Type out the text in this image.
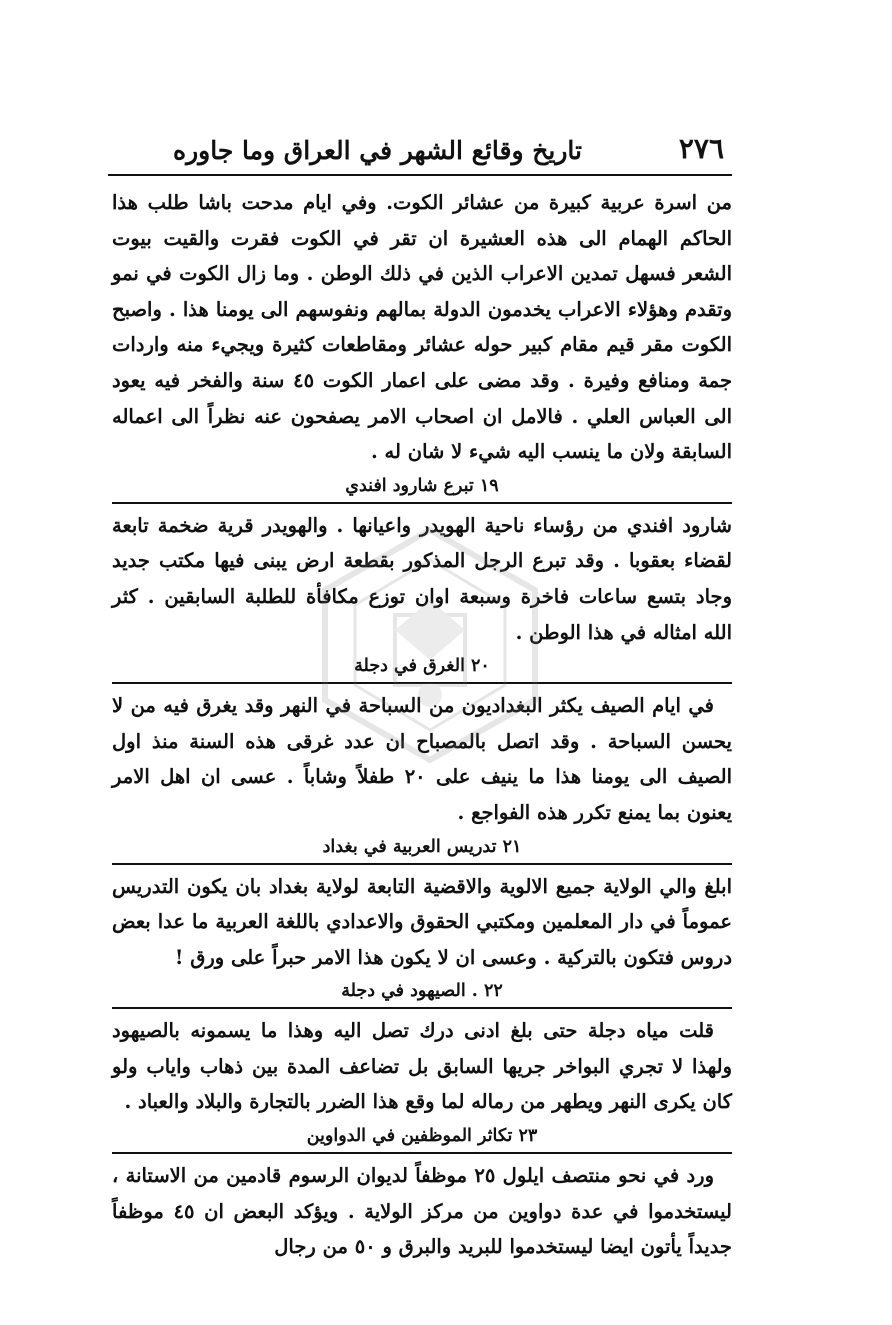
٢٧٦
تاريخ وقائع الشهر في العراق وما جاوره

من اسرة عربية كبيرة من عشائر الكوت. وفي ايام مدحت باشا طلب هذا الحاكم الهمام الى هذه العشيرة ان تقر في الكوت فقرت والقيت بيوت الشعر فسهل تمدين الاعراب الذين في ذلك الوطن . وما زال الكوت في نمو وتقدم وهؤلاء الاعراب يخدمون الدولة بمالهم ونفوسهم الى يومنا هذا . واصبح الكوت مقر قيم مقام كبير حوله عشائر ومقاطعات كثيرة ويجيء منه واردات جمة ومنافع وفيرة . وقد مضى على اعمار الكوت ٤٥ سنة والفخر فيه يعود الى العباس العلي . فالامل ان اصحاب الامر يصفحون عنه نظراً الى اعماله السابقة ولان ما ينسب اليه شيء لا شان له .

١٩ تبرع شارود افندي

شارود افندي من رؤساء ناحية الهويدر واعيانها . والهويدر قرية ضخمة تابعة لقضاء بعقوبا . وقد تبرع الرجل المذكور بقطعة ارض يبنى فيها مكتب جديد وجاد بتسع ساعات فاخرة وسبعة اوان توزع مكافأة للطلبة السابقين . كثر الله امثاله في هذا الوطن .

٢٠ الغرق في دجلة

في ايام الصيف يكثر البغداديون من السباحة في النهر وقد يغرق فيه من لا يحسن السباحة . وقد اتصل بالمصباح ان عدد غرقى هذه السنة منذ اول الصيف الى يومنا هذا ما ينيف على ٢٠ طفلاً وشاباً . عسى ان اهل الامر يعنون بما يمنع تكرر هذه الفواجع .

٢١ تدريس العربية في بغداد

ابلغ والي الولاية جميع الالوية والاقضية التابعة لولاية بغداد بان يكون التدريس عموماً في دار المعلمين ومكتبي الحقوق والاعدادي باللغة العربية ما عدا بعض دروس فتكون بالتركية . وعسى ان لا يكون هذا الامر حبراً على ورق !

٢٢ . الصيهود في دجلة

قلت مياه دجلة حتى بلغ ادنى درك تصل اليه وهذا ما يسمونه بالصيهود ولهذا لا تجري البواخر جريها السابق بل تضاعف المدة بين ذهاب واياب ولو كان يكرى النهر ويطهر من رماله لما وقع هذا الضرر بالتجارة والبلاد والعباد .

٢٣ تكاثر الموظفين في الدواوين

ورد في نحو منتصف ايلول ٢٥ موظفاً لديوان الرسوم قادمين من الاستانة ، ليستخدموا في عدة دواوين من مركز الولاية . ويؤكد البعض ان ٤٥ موظفاً جديداً يأتون ايضا ليستخدموا للبريد والبرق و ٥٠ من رجال
